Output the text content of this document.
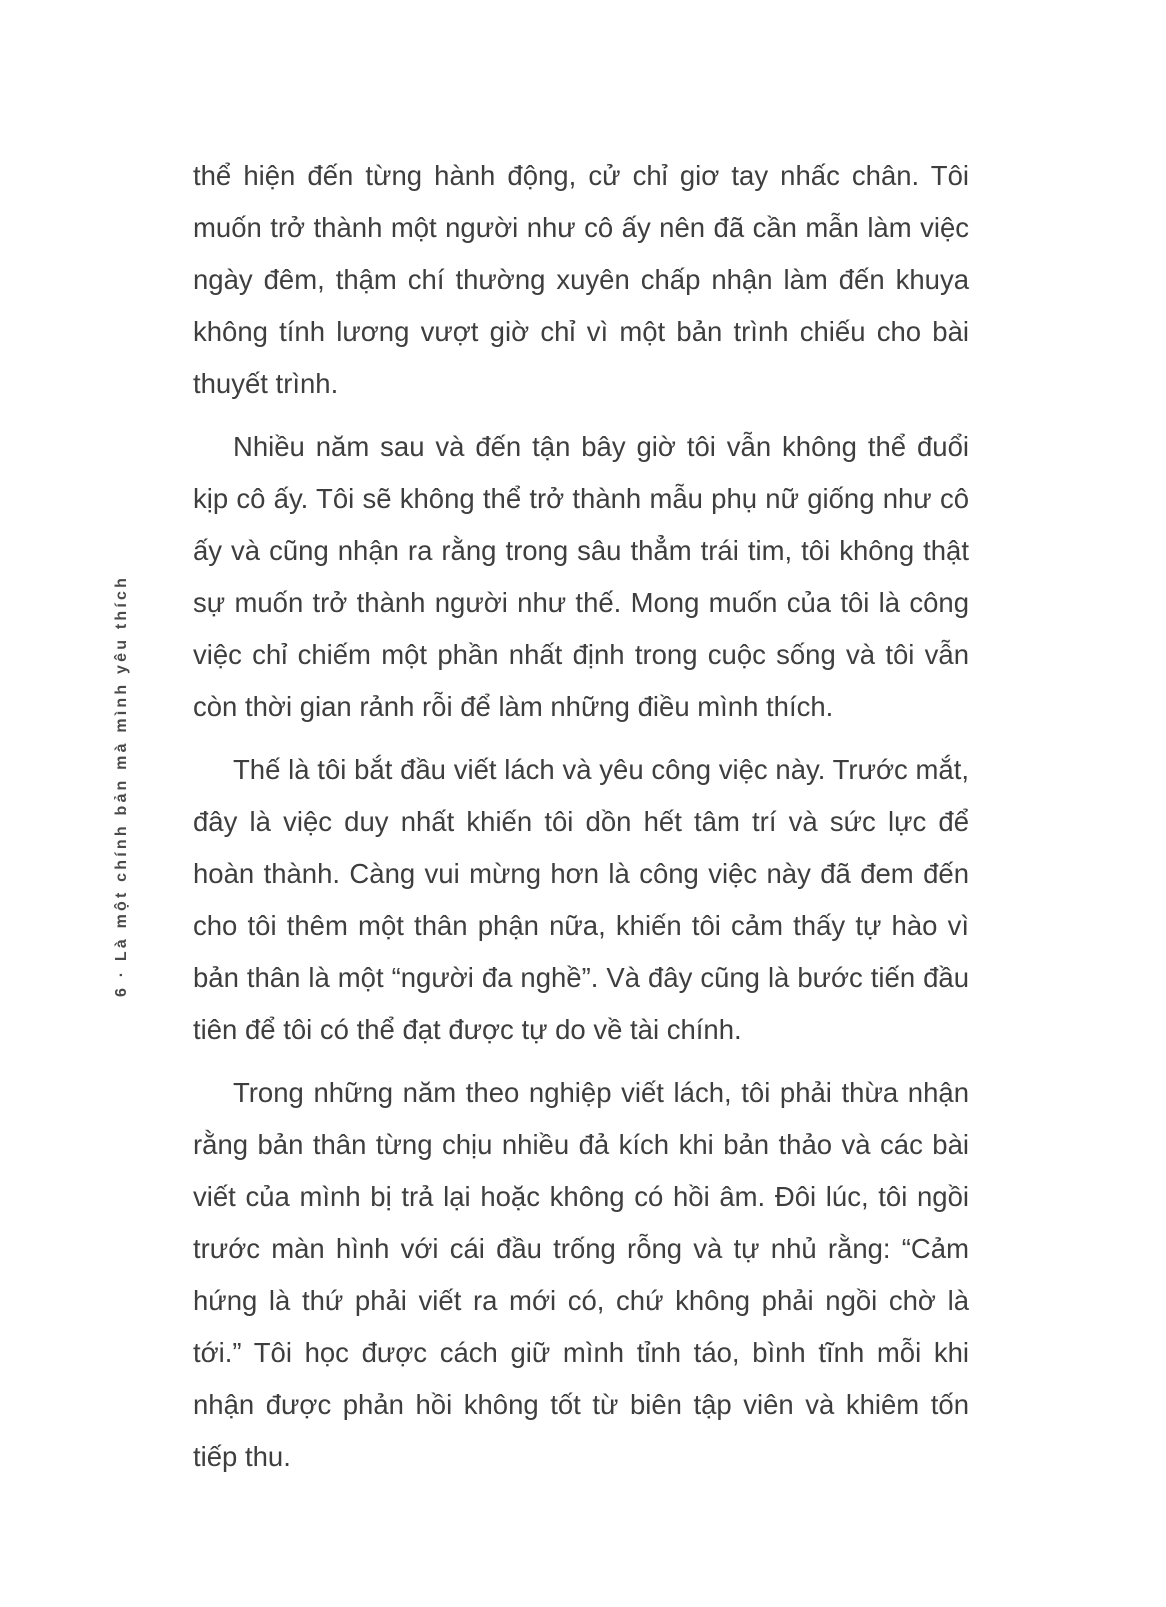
6 · Là một chính bản mà mình yêu thích

thể hiện đến từng hành động, cử chỉ giơ tay nhấc chân. Tôi muốn trở thành một người như cô ấy nên đã cần mẫn làm việc ngày đêm, thậm chí thường xuyên chấp nhận làm đến khuya không tính lương vượt giờ chỉ vì một bản trình chiếu cho bài thuyết trình.

Nhiều năm sau và đến tận bây giờ tôi vẫn không thể đuổi kịp cô ấy. Tôi sẽ không thể trở thành mẫu phụ nữ giống như cô ấy và cũng nhận ra rằng trong sâu thẳm trái tim, tôi không thật sự muốn trở thành người như thế. Mong muốn của tôi là công việc chỉ chiếm một phần nhất định trong cuộc sống và tôi vẫn còn thời gian rảnh rỗi để làm những điều mình thích.

Thế là tôi bắt đầu viết lách và yêu công việc này. Trước mắt, đây là việc duy nhất khiến tôi dồn hết tâm trí và sức lực để hoàn thành. Càng vui mừng hơn là công việc này đã đem đến cho tôi thêm một thân phận nữa, khiến tôi cảm thấy tự hào vì bản thân là một “người đa nghề”. Và đây cũng là bước tiến đầu tiên để tôi có thể đạt được tự do về tài chính.

Trong những năm theo nghiệp viết lách, tôi phải thừa nhận rằng bản thân từng chịu nhiều đả kích khi bản thảo và các bài viết của mình bị trả lại hoặc không có hồi âm. Đôi lúc, tôi ngồi trước màn hình với cái đầu trống rỗng và tự nhủ rằng: “Cảm hứng là thứ phải viết ra mới có, chứ không phải ngồi chờ là tới.” Tôi học được cách giữ mình tỉnh táo, bình tĩnh mỗi khi nhận được phản hồi không tốt từ biên tập viên và khiêm tốn tiếp thu.
